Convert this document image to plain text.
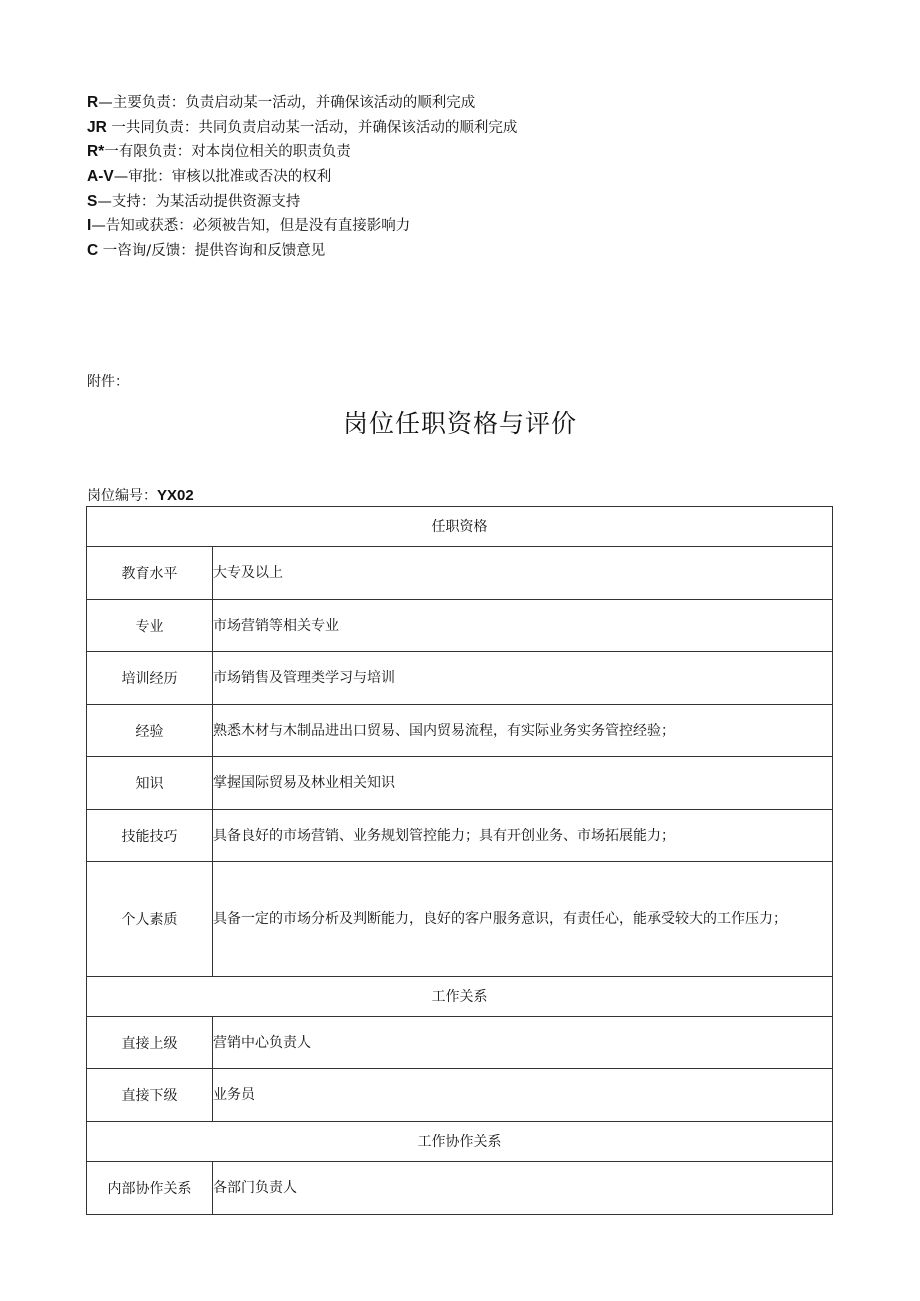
R—主要负责：负责启动某一活动，并确保该活动的顺利完成
JR 一共同负责：共同负责启动某一活动，并确保该活动的顺利完成
R*一有限负责：对本岗位相关的职责负责
A-V—审批：审核以批准或否决的权利
S—支持：为某活动提供资源支持
I—告知或获悉：必须被告知，但是没有直接影响力
C 一咨询/反馈：提供咨询和反馈意见
附件：
岗位任职资格与评价
岗位编号：YX02
任职资格	
教育水平	大专及以上
专业	市场营销等相关专业
培训经历	市场销售及管理类学习与培训
经验	熟悉木材与木制品进出口贸易、国内贸易流程，有实际业务实务管控经验；
知识	掌握国际贸易及林业相关知识
技能技巧	具备良好的市场营销、业务规划管控能力；具有开创业务、市场拓展能力；
个人素质	具备一定的市场分析及判断能力，良好的客户服务意识，有责任心，能承受较大的工作压力；
工作关系	
直接上级	营销中心负责人
直接下级	业务员
工作协作关系	
内部协作关系	各部门负责人
